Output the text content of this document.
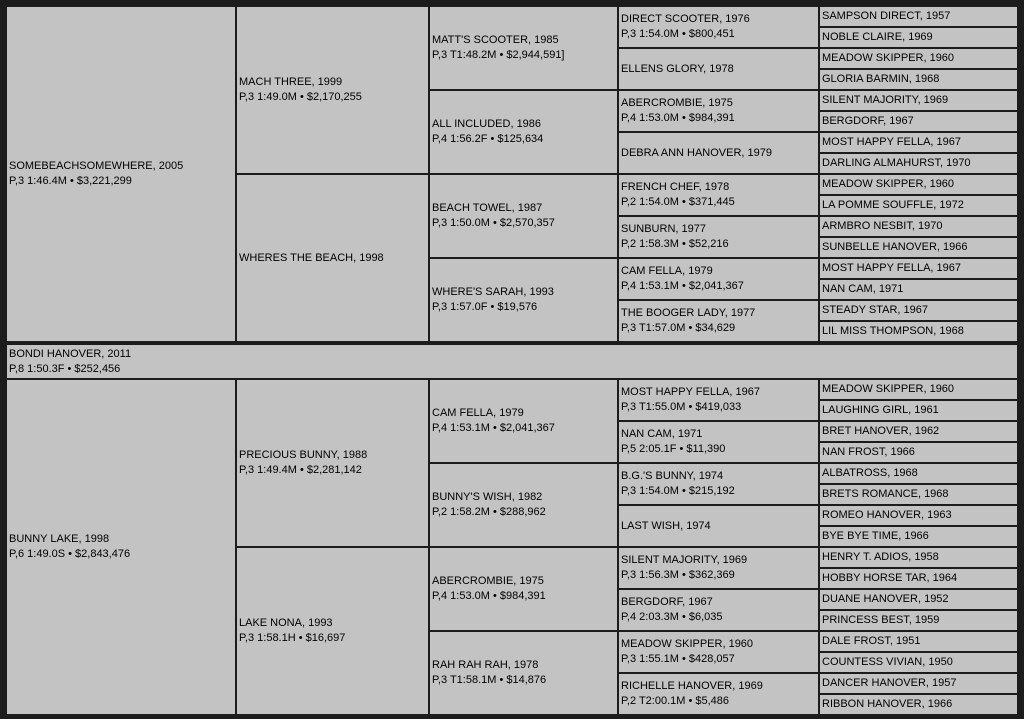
SOMEBEACHSOMEWHERE, 2005
P,3 1:46.4M • $3,221,299
MACH THREE, 1999
P,3 1:49.0M • $2,170,255
MATT'S SCOOTER, 1985
P,3 T1:48.2M • $2,944,591]
DIRECT SCOOTER, 1976
P,3 1:54.0M • $800,451
SAMPSON DIRECT, 1957
NOBLE CLAIRE, 1969
ELLENS GLORY, 1978
MEADOW SKIPPER, 1960
GLORIA BARMIN, 1968
ALL INCLUDED, 1986
P,4 1:56.2F • $125,634
ABERCROMBIE, 1975
P,4 1:53.0M • $984,391
SILENT MAJORITY, 1969
BERGDORF, 1967
DEBRA ANN HANOVER, 1979
MOST HAPPY FELLA, 1967
DARLING ALMAHURST, 1970
WHERES THE BEACH, 1998
BEACH TOWEL, 1987
P,3 1:50.0M • $2,570,357
FRENCH CHEF, 1978
P,2 1:54.0M • $371,445
MEADOW SKIPPER, 1960
LA POMME SOUFFLE, 1972
SUNBURN, 1977
P,2 1:58.3M • $52,216
ARMBRO NESBIT, 1970
SUNBELLE HANOVER, 1966
WHERE'S SARAH, 1993
P,3 1:57.0F • $19,576
CAM FELLA, 1979
P,4 1:53.1M • $2,041,367
MOST HAPPY FELLA, 1967
NAN CAM, 1971
THE BOOGER LADY, 1977
P,3 T1:57.0M • $34,629
STEADY STAR, 1967
LIL MISS THOMPSON, 1968
BONDI HANOVER, 2011
P,8 1:50.3F • $252,456
BUNNY LAKE, 1998
P,6 1:49.0S • $2,843,476
PRECIOUS BUNNY, 1988
P,3 1:49.4M • $2,281,142
CAM FELLA, 1979
P,4 1:53.1M • $2,041,367
MOST HAPPY FELLA, 1967
P,3 T1:55.0M • $419,033
MEADOW SKIPPER, 1960
LAUGHING GIRL, 1961
NAN CAM, 1971
P,5 2:05.1F • $11,390
BRET HANOVER, 1962
NAN FROST, 1966
BUNNY'S WISH, 1982
P,2 1:58.2M • $288,962
B.G.'S BUNNY, 1974
P,3 1:54.0M • $215,192
ALBATROSS, 1968
BRETS ROMANCE, 1968
LAST WISH, 1974
ROMEO HANOVER, 1963
BYE BYE TIME, 1966
LAKE NONA, 1993
P,3 1:58.1H • $16,697
ABERCROMBIE, 1975
P,4 1:53.0M • $984,391
SILENT MAJORITY, 1969
P,3 1:56.3M • $362,369
HENRY T. ADIOS, 1958
HOBBY HORSE TAR, 1964
BERGDORF, 1967
P,4 2:03.3M • $6,035
DUANE HANOVER, 1952
PRINCESS BEST, 1959
RAH RAH RAH, 1978
P,3 T1:58.1M • $14,876
MEADOW SKIPPER, 1960
P,3 1:55.1M • $428,057
DALE FROST, 1951
COUNTESS VIVIAN, 1950
RICHELLE HANOVER, 1969
P,2 T2:00.1M • $5,486
DANCER HANOVER, 1957
RIBBON HANOVER, 1966
